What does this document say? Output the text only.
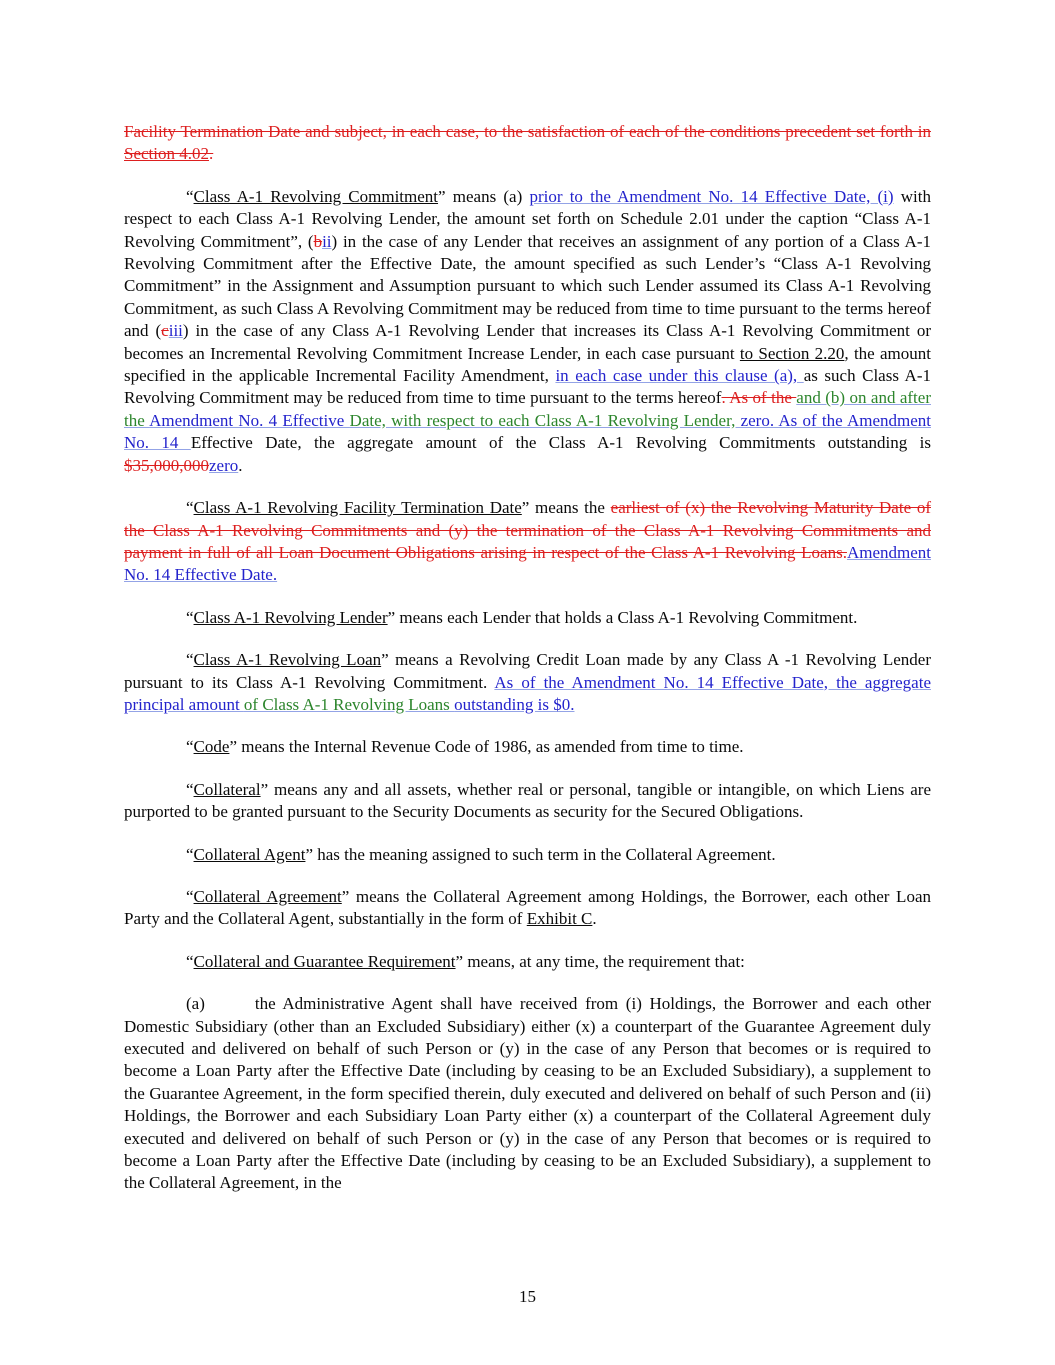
Facility Termination Date and subject, in each case, to the satisfaction of each of the conditions precedent set forth in Section 4.02.

“Class A-1 Revolving Commitment” means (a) prior to the Amendment No. 14 Effective Date, (i) with respect to each Class A-1 Revolving Lender, the amount set forth on Schedule 2.01 under the caption “Class A-1 Revolving Commitment”, (bii) in the case of any Lender that receives an assignment of any portion of a Class A-1 Revolving Commitment after the Effective Date, the amount specified as such Lender’s “Class A-1 Revolving Commitment” in the Assignment and Assumption pursuant to which such Lender assumed its Class A-1 Revolving Commitment, as such Class A Revolving Commitment may be reduced from time to time pursuant to the terms hereof and (ciii) in the case of any Class A-1 Revolving Lender that increases its Class A-1 Revolving Commitment or becomes an Incremental Revolving Commitment Increase Lender, in each case pursuant to Section 2.20, the amount specified in the applicable Incremental Facility Amendment, in each case under this clause (a), as such Class A-1 Revolving Commitment may be reduced from time to time pursuant to the terms hereof. As of the and (b) on and after the Amendment No. 4 Effective Date, with respect to each Class A-1 Revolving Lender, zero. As of the Amendment No. 14 Effective Date, the aggregate amount of the Class A-1 Revolving Commitments outstanding is $35,000,000zero.

“Class A-1 Revolving Facility Termination Date” means the earliest of (x) the Revolving Maturity Date of the Class A-1 Revolving Commitments and (y) the termination of the Class A-1 Revolving Commitments and payment in full of all Loan Document Obligations arising in respect of the Class A-1 Revolving Loans.Amendment No. 14 Effective Date.

“Class A-1 Revolving Lender” means each Lender that holds a Class A-1 Revolving Commitment.

“Class A-1 Revolving Loan” means a Revolving Credit Loan made by any Class A -1 Revolving Lender pursuant to its Class A-1 Revolving Commitment. As of the Amendment No. 14 Effective Date, the aggregate principal amount of Class A-1 Revolving Loans outstanding is $0.

“Code” means the Internal Revenue Code of 1986, as amended from time to time.

“Collateral” means any and all assets, whether real or personal, tangible or intangible, on which Liens are purported to be granted pursuant to the Security Documents as security for the Secured Obligations.

“Collateral Agent” has the meaning assigned to such term in the Collateral Agreement.

“Collateral Agreement” means the Collateral Agreement among Holdings, the Borrower, each other Loan Party and the Collateral Agent, substantially in the form of Exhibit C.

“Collateral and Guarantee Requirement” means, at any time, the requirement that:

(a)	the Administrative Agent shall have received from (i) Holdings, the Borrower and each other Domestic Subsidiary (other than an Excluded Subsidiary) either (x) a counterpart of the Guarantee Agreement duly executed and delivered on behalf of such Person or (y) in the case of any Person that becomes or is required to become a Loan Party after the Effective Date (including by ceasing to be an Excluded Subsidiary), a supplement to the Guarantee Agreement, in the form specified therein, duly executed and delivered on behalf of such Person and (ii) Holdings, the Borrower and each Subsidiary Loan Party either (x) a counterpart of the Collateral Agreement duly executed and delivered on behalf of such Person or (y) in the case of any Person that becomes or is required to become a Loan Party after the Effective Date (including by ceasing to be an Excluded Subsidiary), a supplement to the Collateral Agreement, in the

15
